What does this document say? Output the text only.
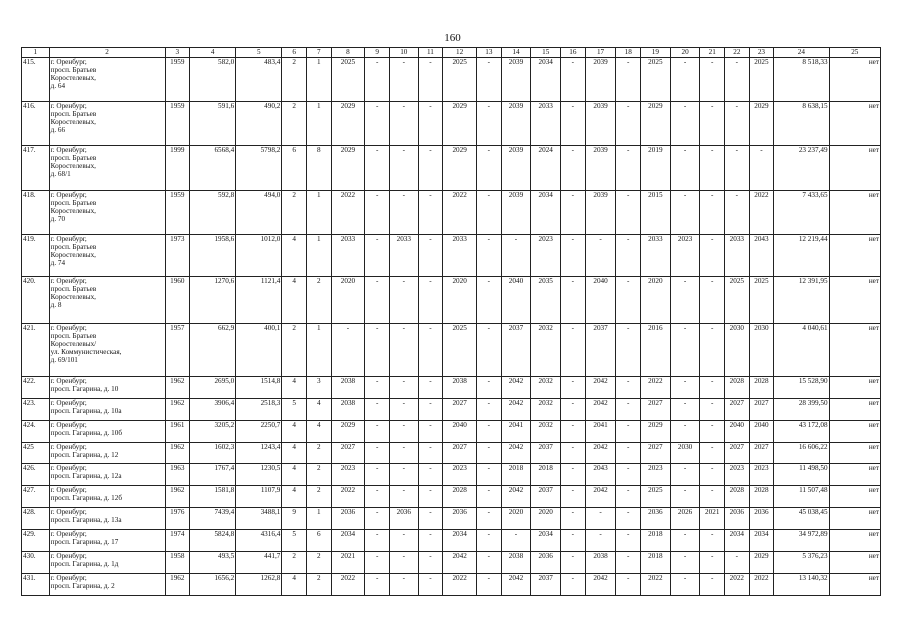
160
1	2	3	4	5	6	7	8	9	10	11	12	13	14	15	16	17	18	19	20	21	22	23	24	25
415.	г. Оренбург,
просп. Братьев
Коростелевых,
д. 64	1959	582,0	483,4	2	1	2025	-	-	-	2025	-	2039	2034	-	2039	-	2025	-	-	-	2025	8 518,33	нет
416.	г. Оренбург,
просп. Братьев
Коростелевых,
д. 66	1959	591,6	490,2	2	1	2029	-	-	-	2029	-	2039	2033	-	2039	-	2029	-	-	-	2029	8 638,15	нет
417.	г. Оренбург,
просп. Братьев
Коростелевых,
д. 68/1	1999	6568,4	5798,2	6	8	2029	-	-	-	2029	-	2039	2024	-	2039	-	2019	-	-	-	-	23 237,49	нет
418.	г. Оренбург,
просп. Братьев
Коростелевых,
д. 70	1959	592,8	494,0	2	1	2022	-	-	-	2022	-	2039	2034	-	2039	-	2015	-	-	-	2022	7 433,65	нет
419.	г. Оренбург,
просп. Братьев
Коростелевых,
д. 74	1973	1958,6	1012,0	4	1	2033	-	2033	-	2033	-	-	2023	-	-	-	2033	2023	-	2033	2043	12 219,44	нет
420.	г. Оренбург,
просп. Братьев
Коростелевых,
д. 8	1960	1270,6	1121,4	4	2	2020	-	-	-	2020	-	2040	2035	-	2040	-	2020	-	-	2025	2025	12 391,95	нет
421.	г. Оренбург,
просп. Братьев
Коростелевых/
ул. Коммунистическая,
д. 69/101	1957	662,9	400,1	2	1	-	-	-	-	2025	-	2037	2032	-	2037	-	2016	-	-	2030	2030	4 040,61	нет
422.	г. Оренбург,
просп. Гагарина, д. 10	1962	2695,0	1514,8	4	3	2038	-	-	-	2038	-	2042	2032	-	2042	-	2022	-	-	2028	2028	15 528,90	нет
423.	г. Оренбург,
просп. Гагарина, д. 10а	1962	3906,4	2518,3	5	4	2038	-	-	-	2027	-	2042	2032	-	2042	-	2027	-	-	2027	2027	28 399,50	нет
424.	г. Оренбург,
просп. Гагарина, д. 10б	1961	3205,2	2250,7	4	4	2029	-	-	-	2040	-	2041	2032	-	2041	-	2029	-	-	2040	2040	43 172,08	нет
425	г. Оренбург,
просп. Гагарина, д. 12	1962	1602,3	1243,4	4	2	2027	-	-	-	2027	-	2042	2037	-	2042	-	2027	2030	-	2027	2027	16 606,22	нет
426.	г. Оренбург,
просп. Гагарина, д. 12а	1963	1767,4	1230,5	4	2	2023	-	-	-	2023	-	2018	2018	-	2043	-	2023	-	-	2023	2023	11 498,50	нет
427.	г. Оренбург,
просп. Гагарина, д. 12б	1962	1581,8	1107,9	4	2	2022	-	-	-	2028	-	2042	2037	-	2042	-	2025	-	-	2028	2028	11 507,48	нет
428.	г. Оренбург,
просп. Гагарина, д. 13а	1976	7439,4	3488,1	9	1	2036	-	2036	-	2036	-	2020	2020	-	-	-	2036	2026	2021	2036	2036	45 038,45	нет
429.	г. Оренбург,
просп. Гагарина, д. 17	1974	5824,8	4316,4	5	6	2034	-	-	-	2034	-	-	2034	-	-	-	2018	-	-	2034	2034	34 972,89	нет
430.	г. Оренбург,
просп. Гагарина, д. 1д	1958	493,5	441,7	2	2	2021	-	-	-	2042	-	2038	2036	-	2038	-	2018	-	-	-	2029	5 376,23	нет
431.	г. Оренбург,
просп. Гагарина, д. 2	1962	1656,2	1262,8	4	2	2022	-	-	-	2022	-	2042	2037	-	2042	-	2022	-	-	2022	2022	13 140,32	нет
